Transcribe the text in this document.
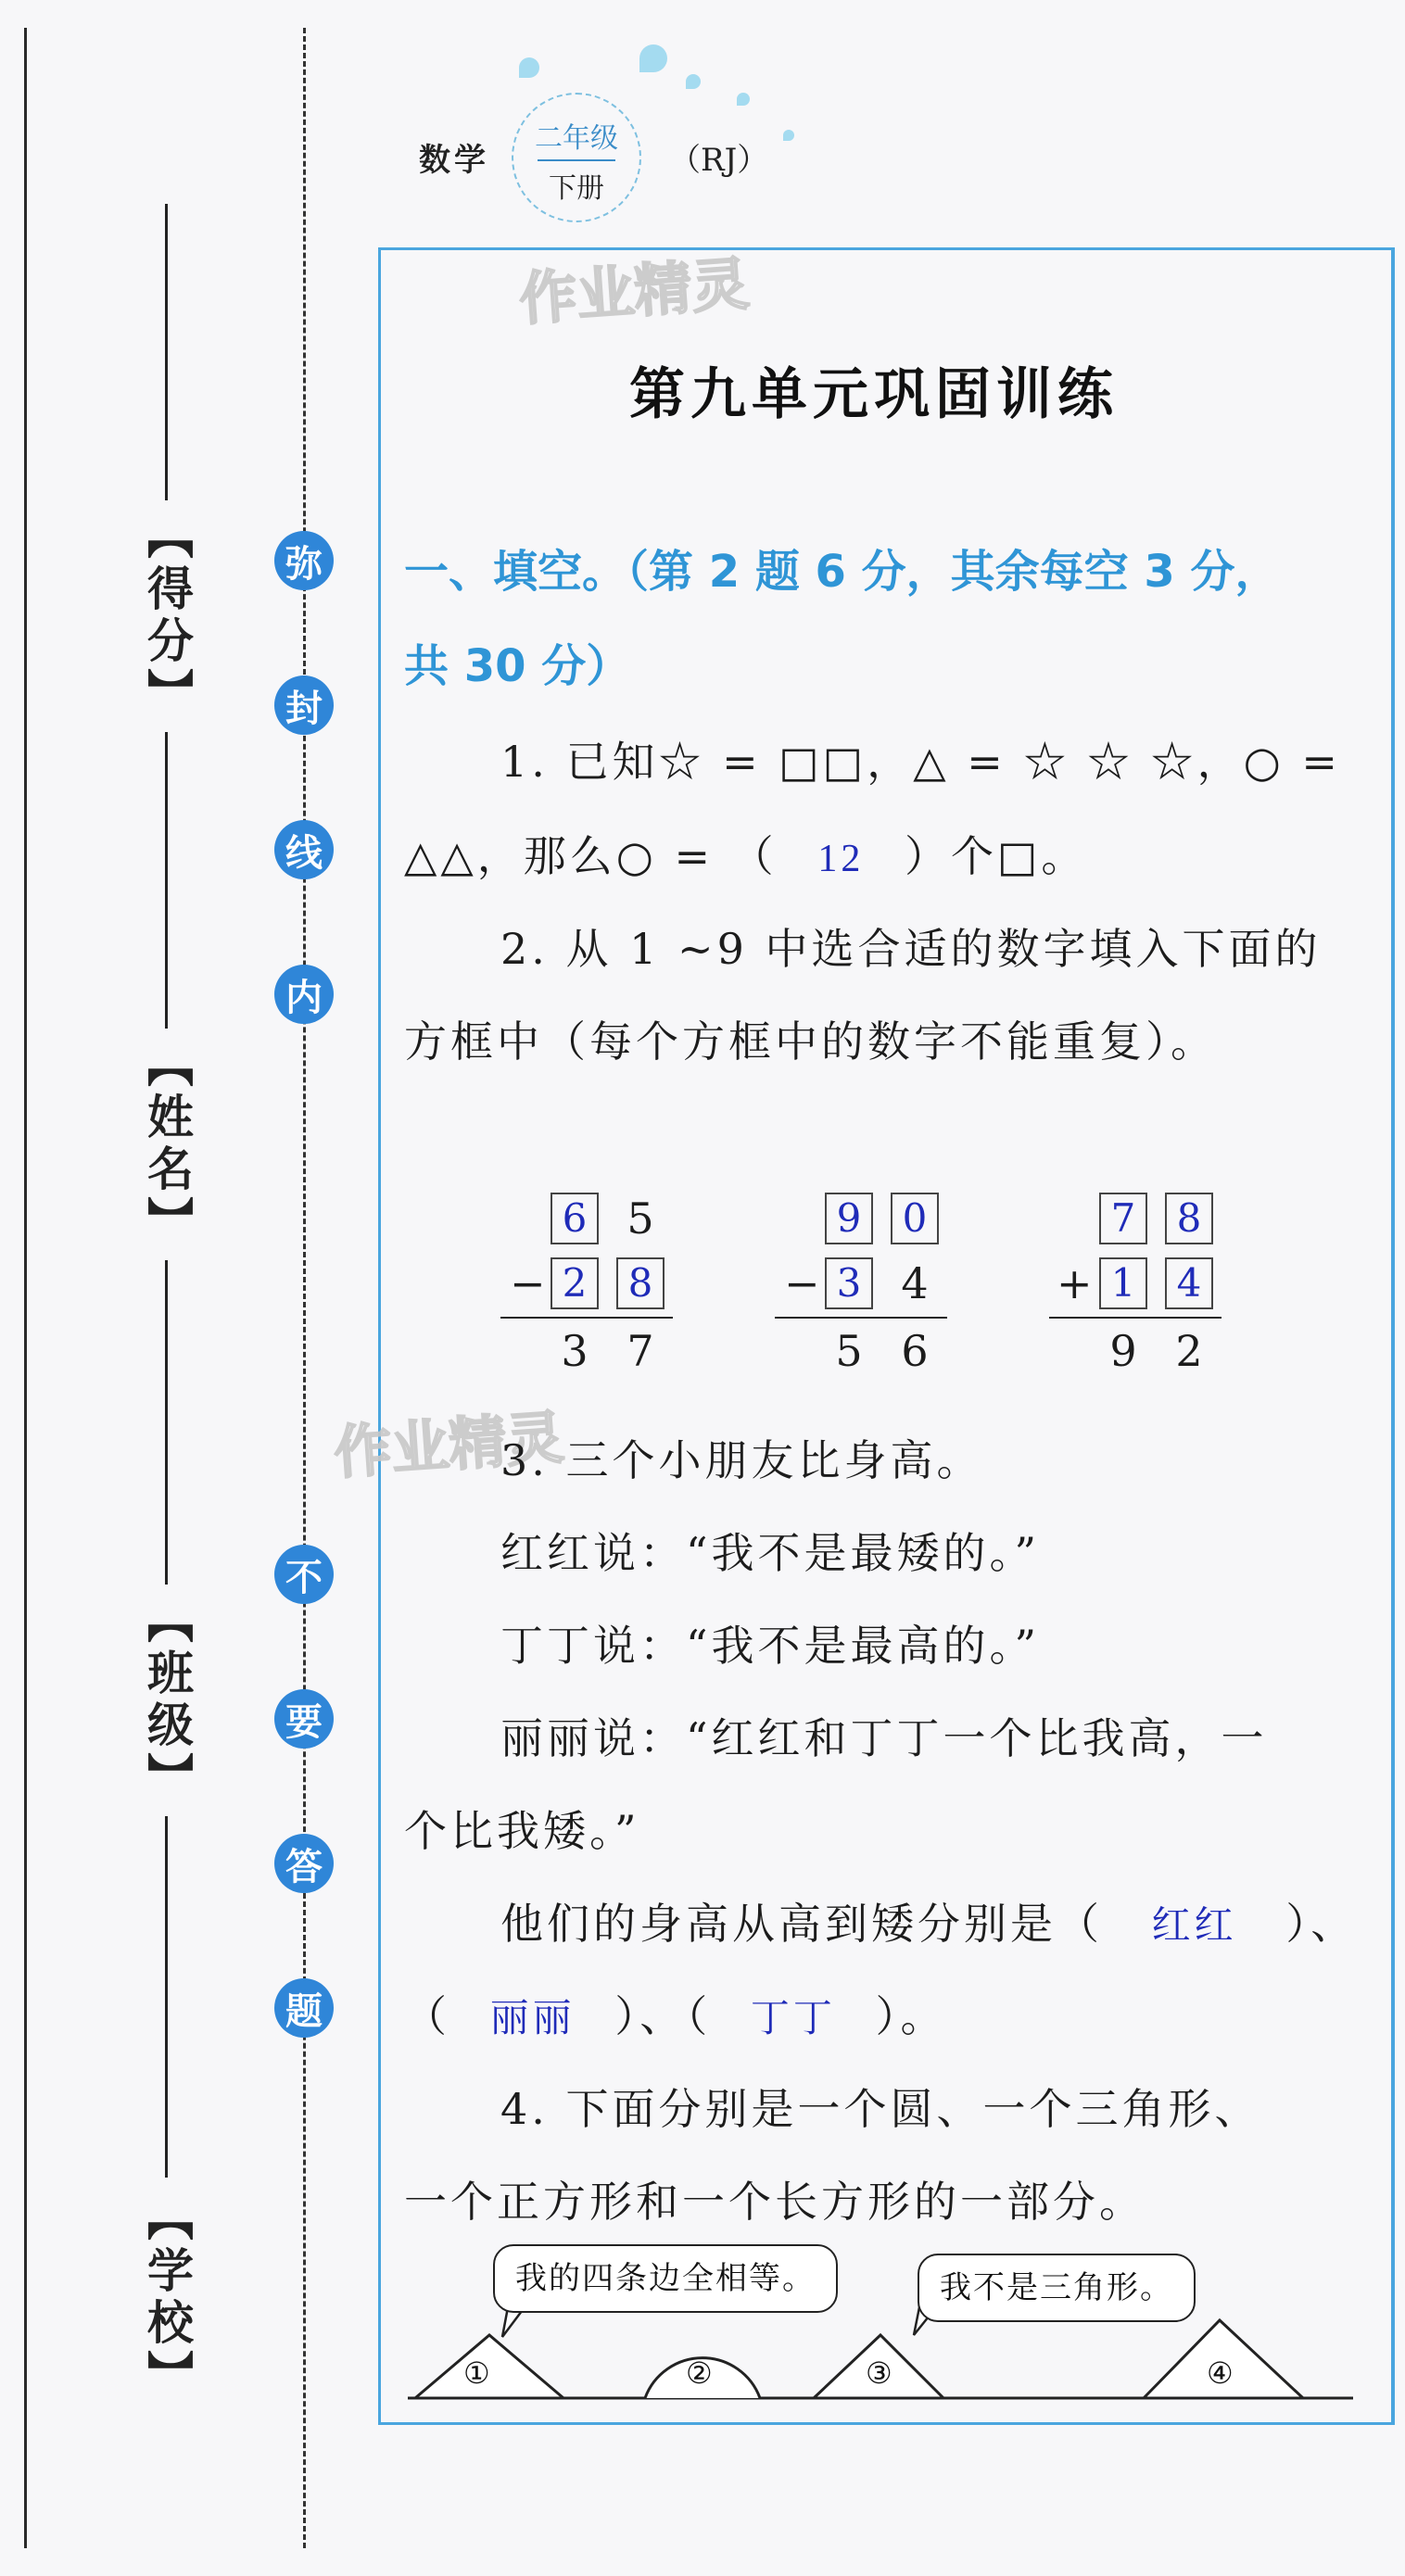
【得分】
【姓名】
【班级】
【学校】
弥
封
线
内
不
要
答
题
数学
二年级
下册
（RJ）
作业精灵
作业精灵
第九单元巩固训练
一、填空。（第 2 题 6 分，其余每空 3 分，
共 30 分）
1. 已知☆ = □□，△ = ☆ ☆ ☆，○ =
△△，那么○ = （ 12 ）个□。
2. 从 1 ~9 中选合适的数字填入下面的
方框中（每个方框中的数字不能重复）。
6 5
− 2	8
3 7
9	0
− 3 4
5 6
7	8
+ 1	4
9 2
3. 三个小朋友比身高。
红红说：“我不是最矮的。”
丁丁说：“我不是最高的。”
丽丽说：“红红和丁丁一个比我高，一
个比我矮。”
他们的身高从高到矮分别是（ 红红 ）、
（ 丽丽 ）、（ 丁丁 ）。
4. 下面分别是一个圆、一个三角形、
一个正方形和一个长方形的一部分。
我的四条边全相等。	我不是三角形。
①	②	③	④
